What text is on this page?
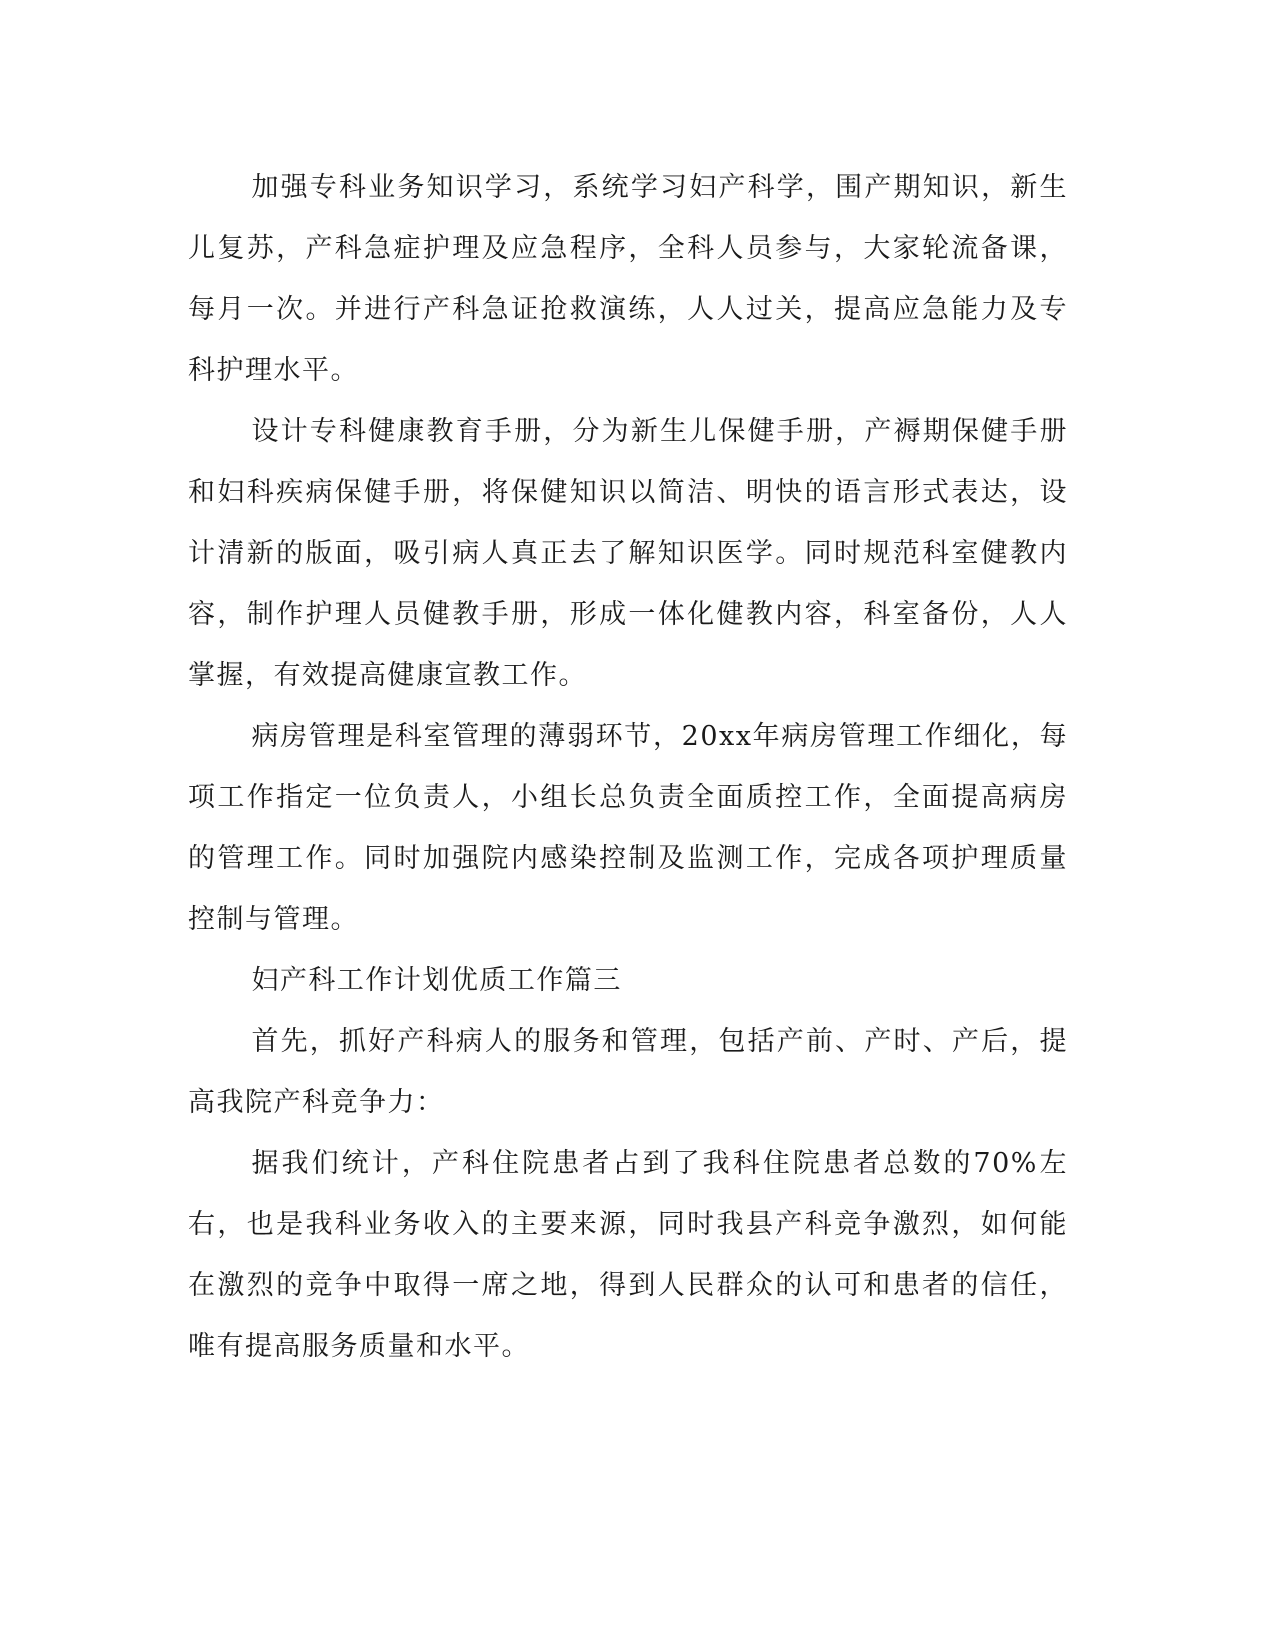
加强专科业务知识学习，系统学习妇产科学，围产期知识，新生儿复苏，产科急症护理及应急程序，全科人员参与，大家轮流备课，每月一次。并进行产科急证抢救演练，人人过关，提高应急能力及专科护理水平。

设计专科健康教育手册，分为新生儿保健手册，产褥期保健手册和妇科疾病保健手册，将保健知识以简洁、明快的语言形式表达，设计清新的版面，吸引病人真正去了解知识医学。同时规范科室健教内容，制作护理人员健教手册，形成一体化健教内容，科室备份，人人掌握，有效提高健康宣教工作。

病房管理是科室管理的薄弱环节，20xx年病房管理工作细化，每项工作指定一位负责人，小组长总负责全面质控工作，全面提高病房的管理工作。同时加强院内感染控制及监测工作，完成各项护理质量控制与管理。

妇产科工作计划优质工作篇三

首先，抓好产科病人的服务和管理，包括产前、产时、产后，提高我院产科竞争力：

据我们统计，产科住院患者占到了我科住院患者总数的70%左右，也是我科业务收入的主要来源，同时我县产科竞争激烈，如何能在激烈的竞争中取得一席之地，得到人民群众的认可和患者的信任，唯有提高服务质量和水平。
